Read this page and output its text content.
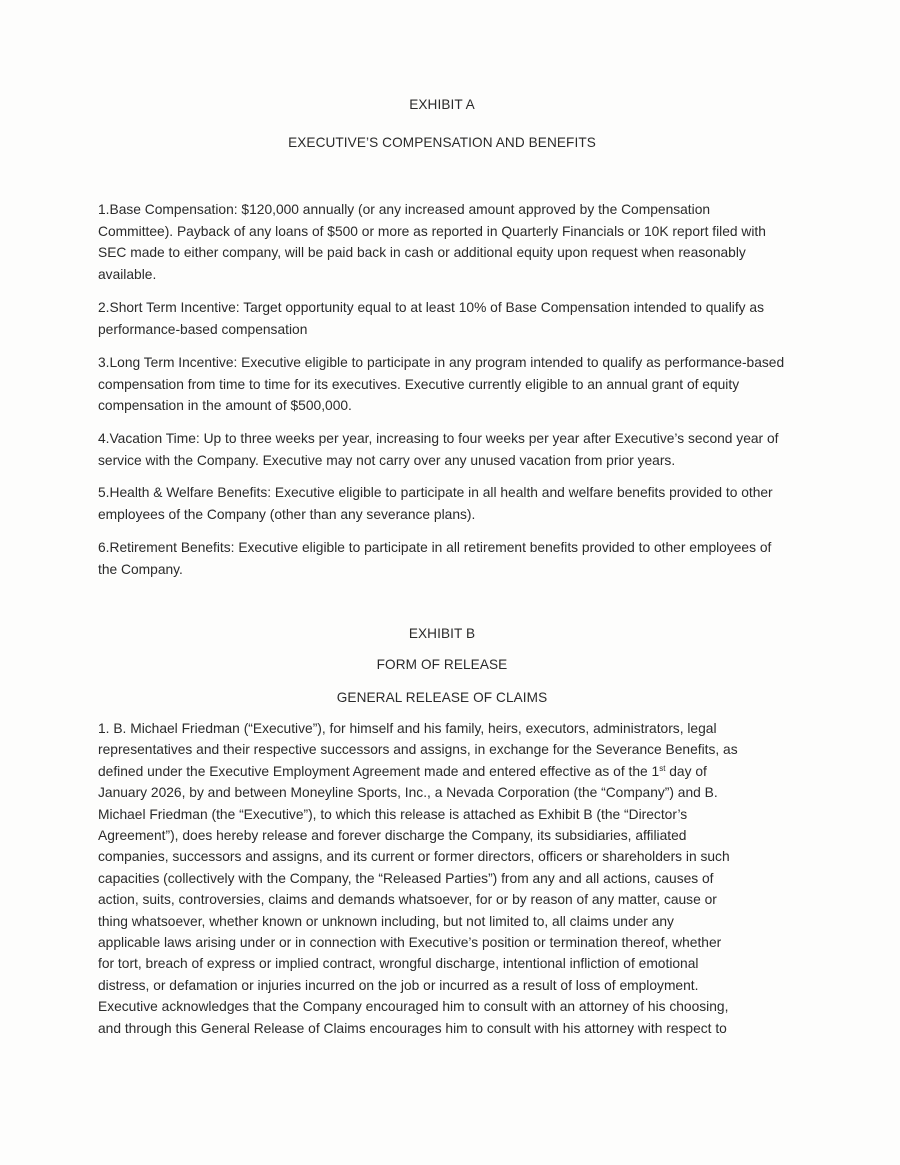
EXHIBIT A
EXECUTIVE’S COMPENSATION AND BENEFITS

1.Base Compensation: $120,000 annually (or any increased amount approved by the Compensation Committee). Payback of any loans of $500 or more as reported in Quarterly Financials or 10K report filed with SEC made to either company, will be paid back in cash or additional equity upon request when reasonably available.

2.Short Term Incentive: Target opportunity equal to at least 10% of Base Compensation intended to qualify as performance-based compensation

3.Long Term Incentive: Executive eligible to participate in any program intended to qualify as performance-based compensation from time to time for its executives. Executive currently eligible to an annual grant of equity compensation in the amount of $500,000.

4.Vacation Time: Up to three weeks per year, increasing to four weeks per year after Executive’s second year of service with the Company. Executive may not carry over any unused vacation from prior years.

5.Health & Welfare Benefits: Executive eligible to participate in all health and welfare benefits provided to other employees of the Company (other than any severance plans).

6.Retirement Benefits: Executive eligible to participate in all retirement benefits provided to other employees of the Company.

EXHIBIT B
FORM OF RELEASE
GENERAL RELEASE OF CLAIMS
1. B. Michael Friedman (“Executive”), for himself and his family, heirs, executors, administrators, legal
representatives and their respective successors and assigns, in exchange for the Severance Benefits, as
defined under the Executive Employment Agreement made and entered effective as of the 1st day of
January 2026, by and between Moneyline Sports, Inc., a Nevada Corporation (the “Company”) and B.
Michael Friedman (the “Executive”), to which this release is attached as Exhibit B (the “Director’s
Agreement”), does hereby release and forever discharge the Company, its subsidiaries, affiliated
companies, successors and assigns, and its current or former directors, officers or shareholders in such
capacities (collectively with the Company, the “Released Parties”) from any and all actions, causes of
action, suits, controversies, claims and demands whatsoever, for or by reason of any matter, cause or
thing whatsoever, whether known or unknown including, but not limited to, all claims under any
applicable laws arising under or in connection with Executive’s position or termination thereof, whether
for tort, breach of express or implied contract, wrongful discharge, intentional infliction of emotional
distress, or defamation or injuries incurred on the job or incurred as a result of loss of employment.
Executive acknowledges that the Company encouraged him to consult with an attorney of his choosing,
and through this General Release of Claims encourages him to consult with his attorney with respect to
